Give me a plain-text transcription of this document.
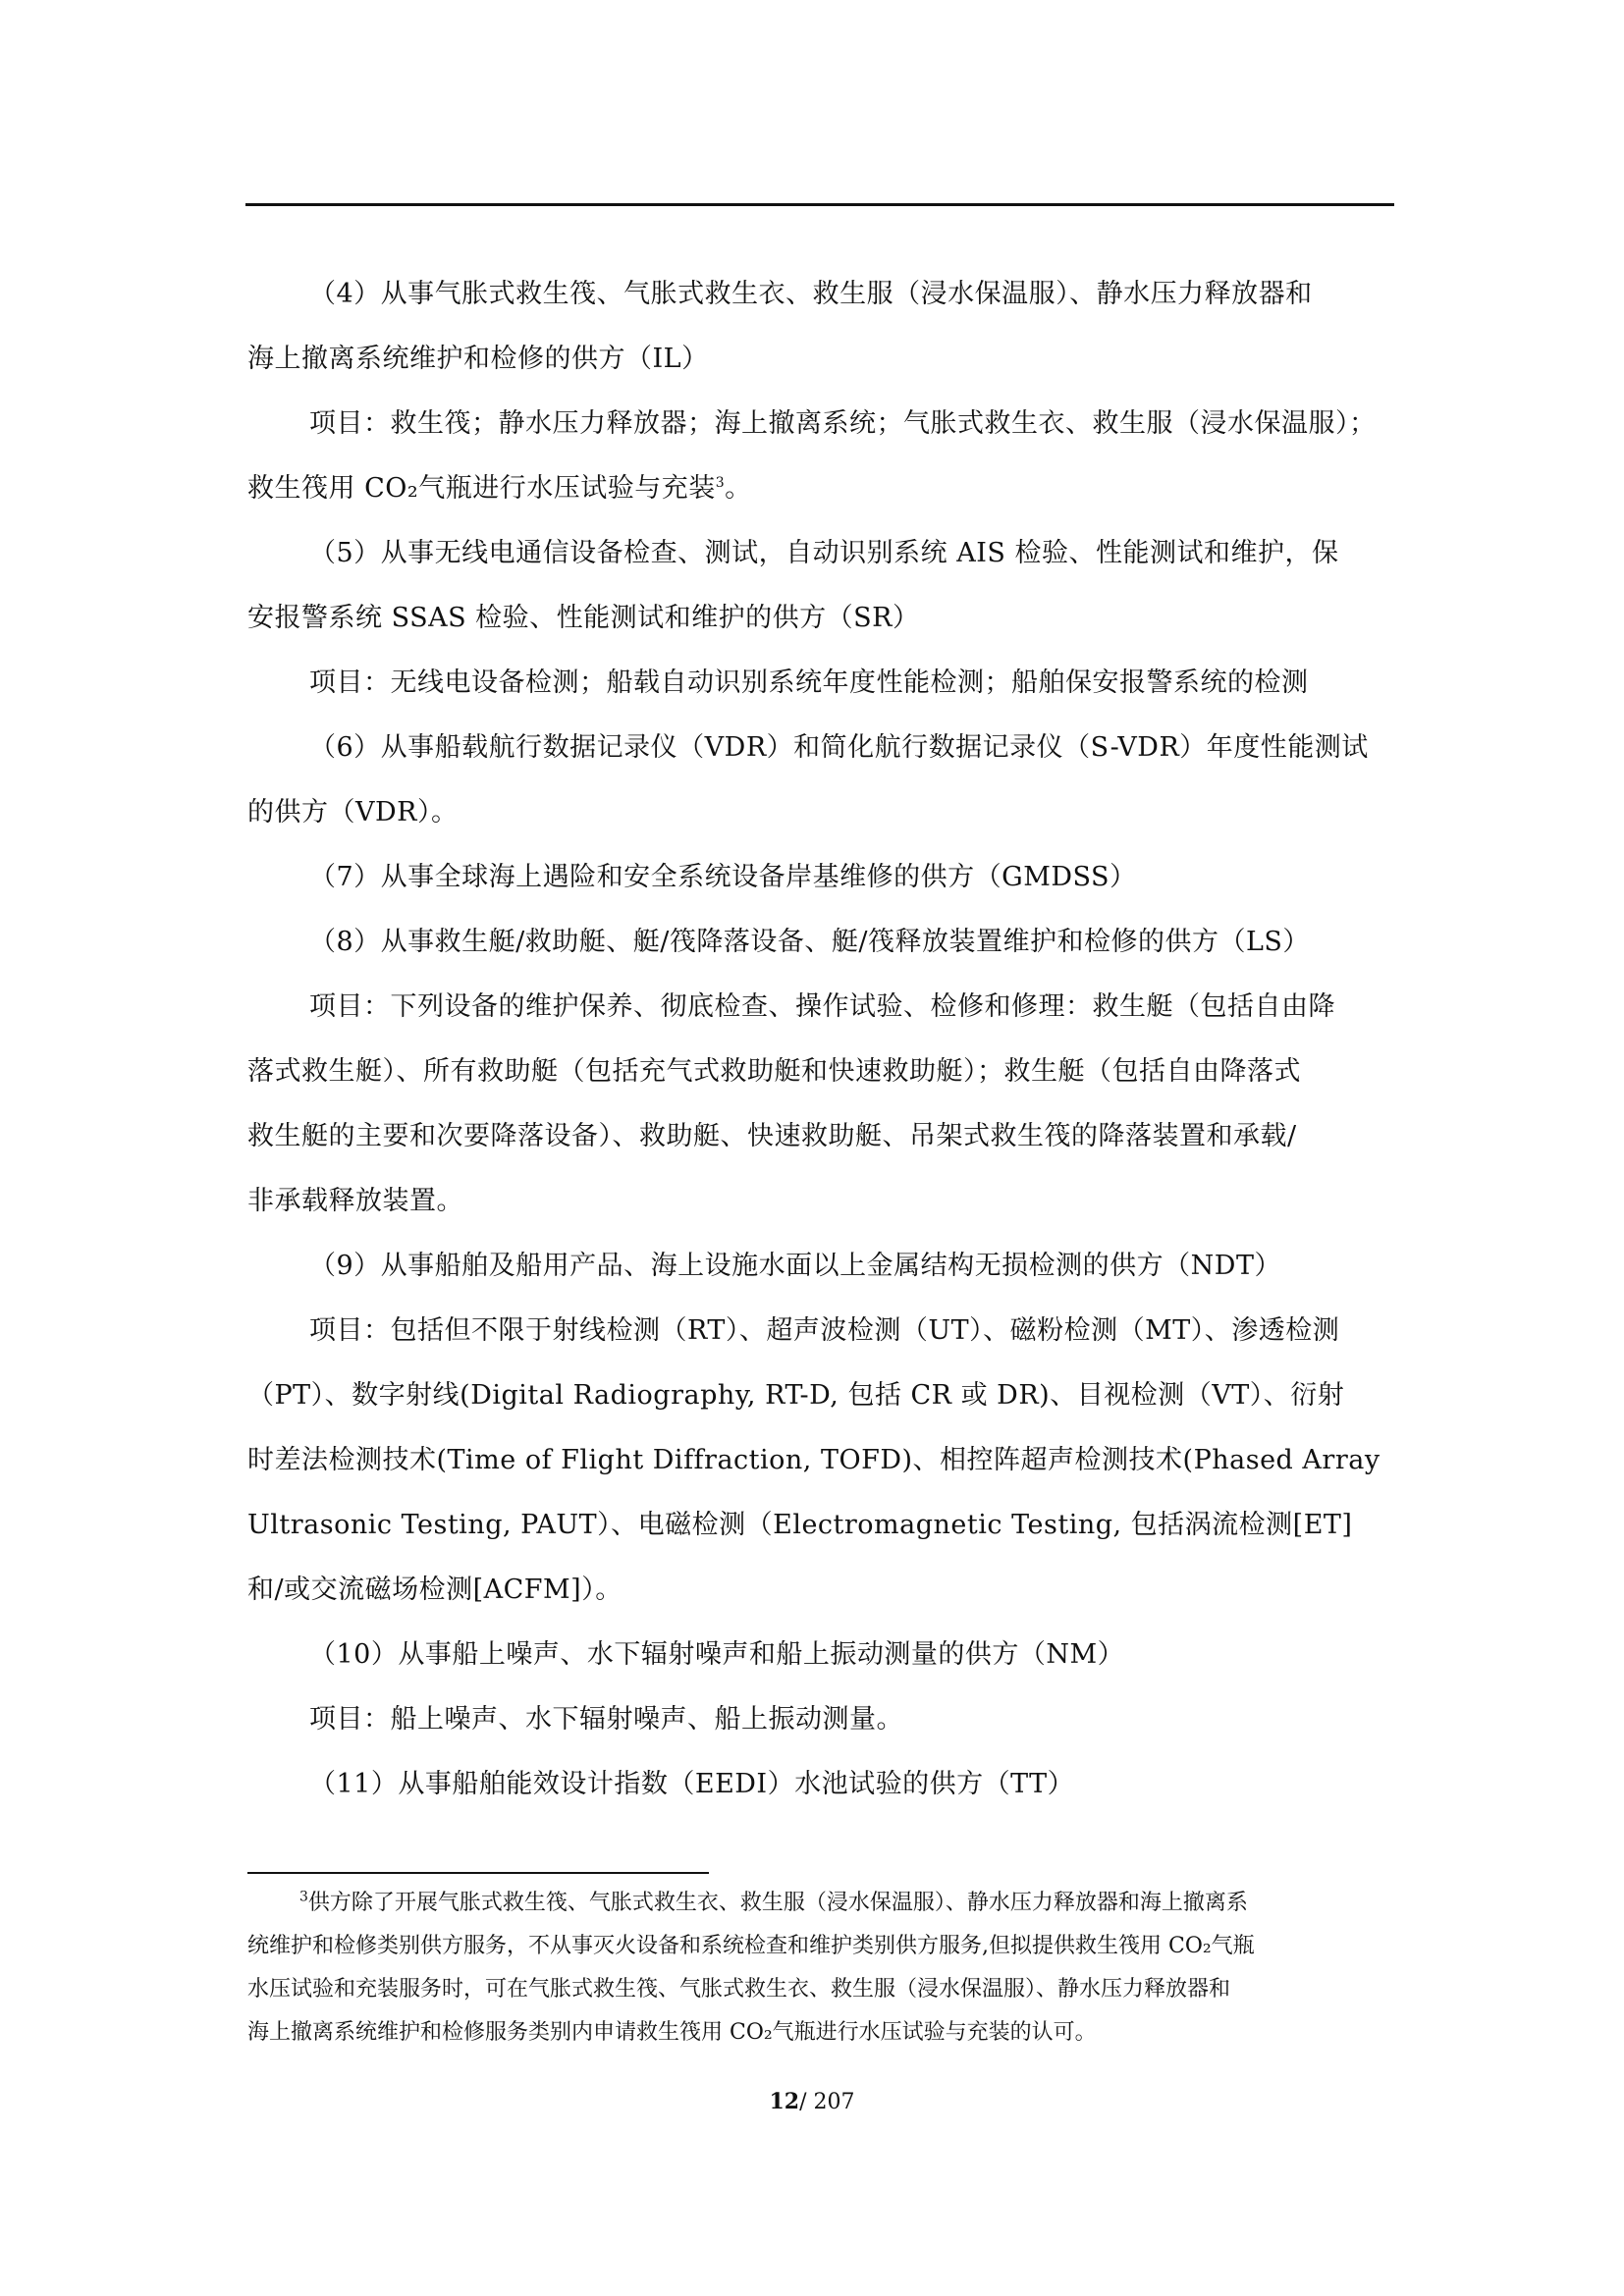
（4）从事气胀式救生筏、气胀式救生衣、救生服（浸水保温服）、静水压力释放器和
海上撤离系统维护和检修的供方（IL）
项目：救生筏；静水压力释放器；海上撤离系统；气胀式救生衣、救生服（浸水保温服）；
救生筏用 CO₂气瓶进行水压试验与充装$^3$。
（5）从事无线电通信设备检查、测试，自动识别系统 AIS 检验、性能测试和维护，保
安报警系统 SSAS 检验、性能测试和维护的供方（SR）
项目：无线电设备检测；船载自动识别系统年度性能检测；船舶保安报警系统的检测
（6）从事船载航行数据记录仪（VDR）和简化航行数据记录仪（S-VDR）年度性能测试
的供方（VDR）。
（7）从事全球海上遇险和安全系统设备岸基维修的供方（GMDSS）
（8）从事救生艇/救助艇、艇/筏降落设备、艇/筏释放装置维护和检修的供方（LS）
项目：下列设备的维护保养、彻底检查、操作试验、检修和修理：救生艇（包括自由降
落式救生艇）、所有救助艇（包括充气式救助艇和快速救助艇）；救生艇（包括自由降落式
救生艇的主要和次要降落设备）、救助艇、快速救助艇、吊架式救生筏的降落装置和承载/
非承载释放装置。
（9）从事船舶及船用产品、海上设施水面以上金属结构无损检测的供方（NDT）
项目：包括但不限于射线检测（RT）、超声波检测（UT）、磁粉检测（MT）、渗透检测
（PT）、数字射线(Digital Radiography, RT-D, 包括 CR 或 DR)、目视检测（VT）、衍射
时差法检测技术(Time of Flight Diffraction, TOFD)、相控阵超声检测技术(Phased Array
Ultrasonic Testing, PAUT）、电磁检测（Electromagnetic Testing, 包括涡流检测[ET]
和/或交流磁场检测[ACFM]）。
（10）从事船上噪声、水下辐射噪声和船上振动测量的供方（NM）
项目：船上噪声、水下辐射噪声、船上振动测量。
（11）从事船舶能效设计指数（EEDI）水池试验的供方（TT）
$^3$供方除了开展气胀式救生筏、气胀式救生衣、救生服（浸水保温服）、静水压力释放器和海上撤离系
统维护和检修类别供方服务，不从事灭火设备和系统检查和维护类别供方服务,但拟提供救生筏用 CO₂气瓶
水压试验和充装服务时，可在气胀式救生筏、气胀式救生衣、救生服（浸水保温服）、静水压力释放器和
海上撤离系统维护和检修服务类别内申请救生筏用 CO₂气瓶进行水压试验与充装的认可。
12/ 207
